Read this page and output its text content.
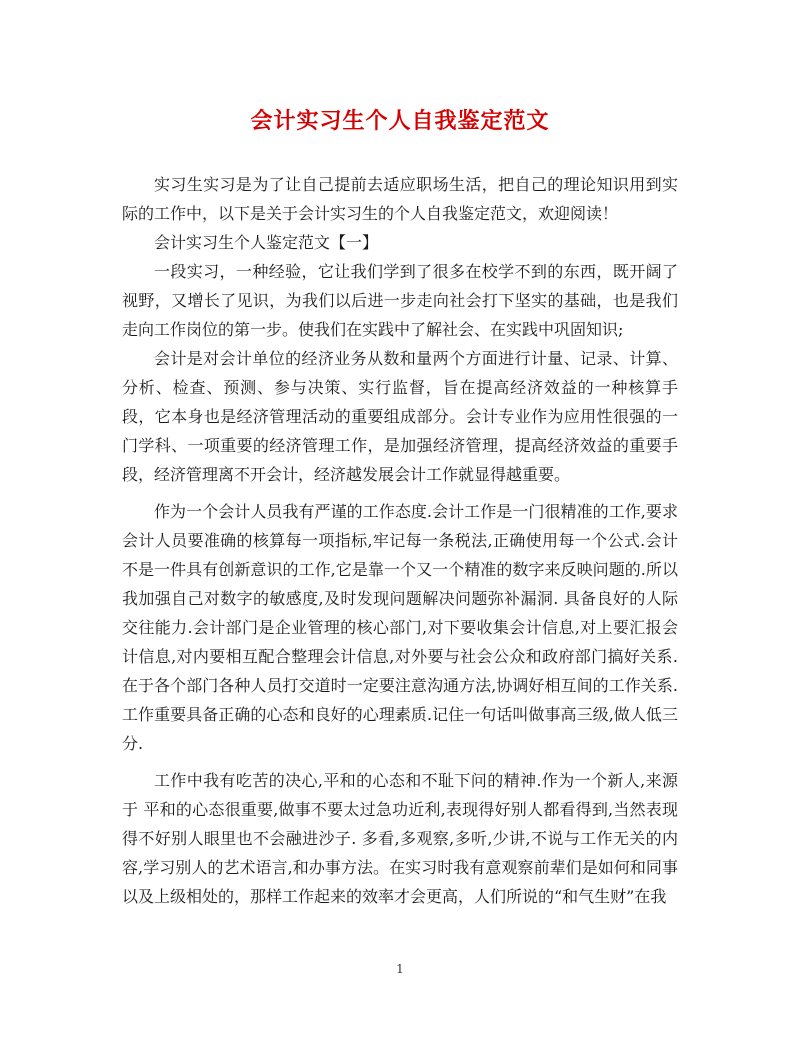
会计实习生个人自我鉴定范文

实习生实习是为了让自己提前去适应职场生活，把自己的理论知识用到实际的工作中，以下是关于会计实习生的个人自我鉴定范文，欢迎阅读！

会计实习生个人鉴定范文【一】

一段实习，一种经验，它让我们学到了很多在校学不到的东西，既开阔了视野，又增长了见识，为我们以后进一步走向社会打下坚实的基础，也是我们走向工作岗位的第一步。使我们在实践中了解社会、在实践中巩固知识;

会计是对会计单位的经济业务从数和量两个方面进行计量、记录、计算、分析、检查、预测、参与决策、实行监督，旨在提高经济效益的一种核算手段，它本身也是经济管理活动的重要组成部分。会计专业作为应用性很强的一门学科、一项重要的经济管理工作，是加强经济管理，提高经济效益的重要手段，经济管理离不开会计，经济越发展会计工作就显得越重要。

作为一个会计人员我有严谨的工作态度.会计工作是一门很精准的工作,要求会计人员要准确的核算每一项指标,牢记每一条税法,正确使用每一个公式.会计不是一件具有创新意识的工作,它是靠一个又一个精准的数字来反映问题的.所以我加强自己对数字的敏感度,及时发现问题解决问题弥补漏洞. 具备良好的人际交往能力.会计部门是企业管理的核心部门,对下要收集会计信息,对上要汇报会计信息,对内要相互配合整理会计信息,对外要与社会公众和政府部门搞好关系.在于各个部门各种人员打交道时一定要注意沟通方法,协调好相互间的工作关系.工作重要具备正确的心态和良好的心理素质.记住一句话叫做事高三级,做人低三分.

工作中我有吃苦的决心,平和的心态和不耻下问的精神.作为一个新人,来源于 平和的心态很重要,做事不要太过急功近利,表现得好别人都看得到,当然表现得不好别人眼里也不会融进沙子. 多看,多观察,多听,少讲,不说与工作无关的内容,学习别人的艺术语言,和办事方法。在实习时我有意观察前辈们是如何和同事以及上级相处的，那样工作起来的效率才会更高，人们所说的“和气生财”在我

1
